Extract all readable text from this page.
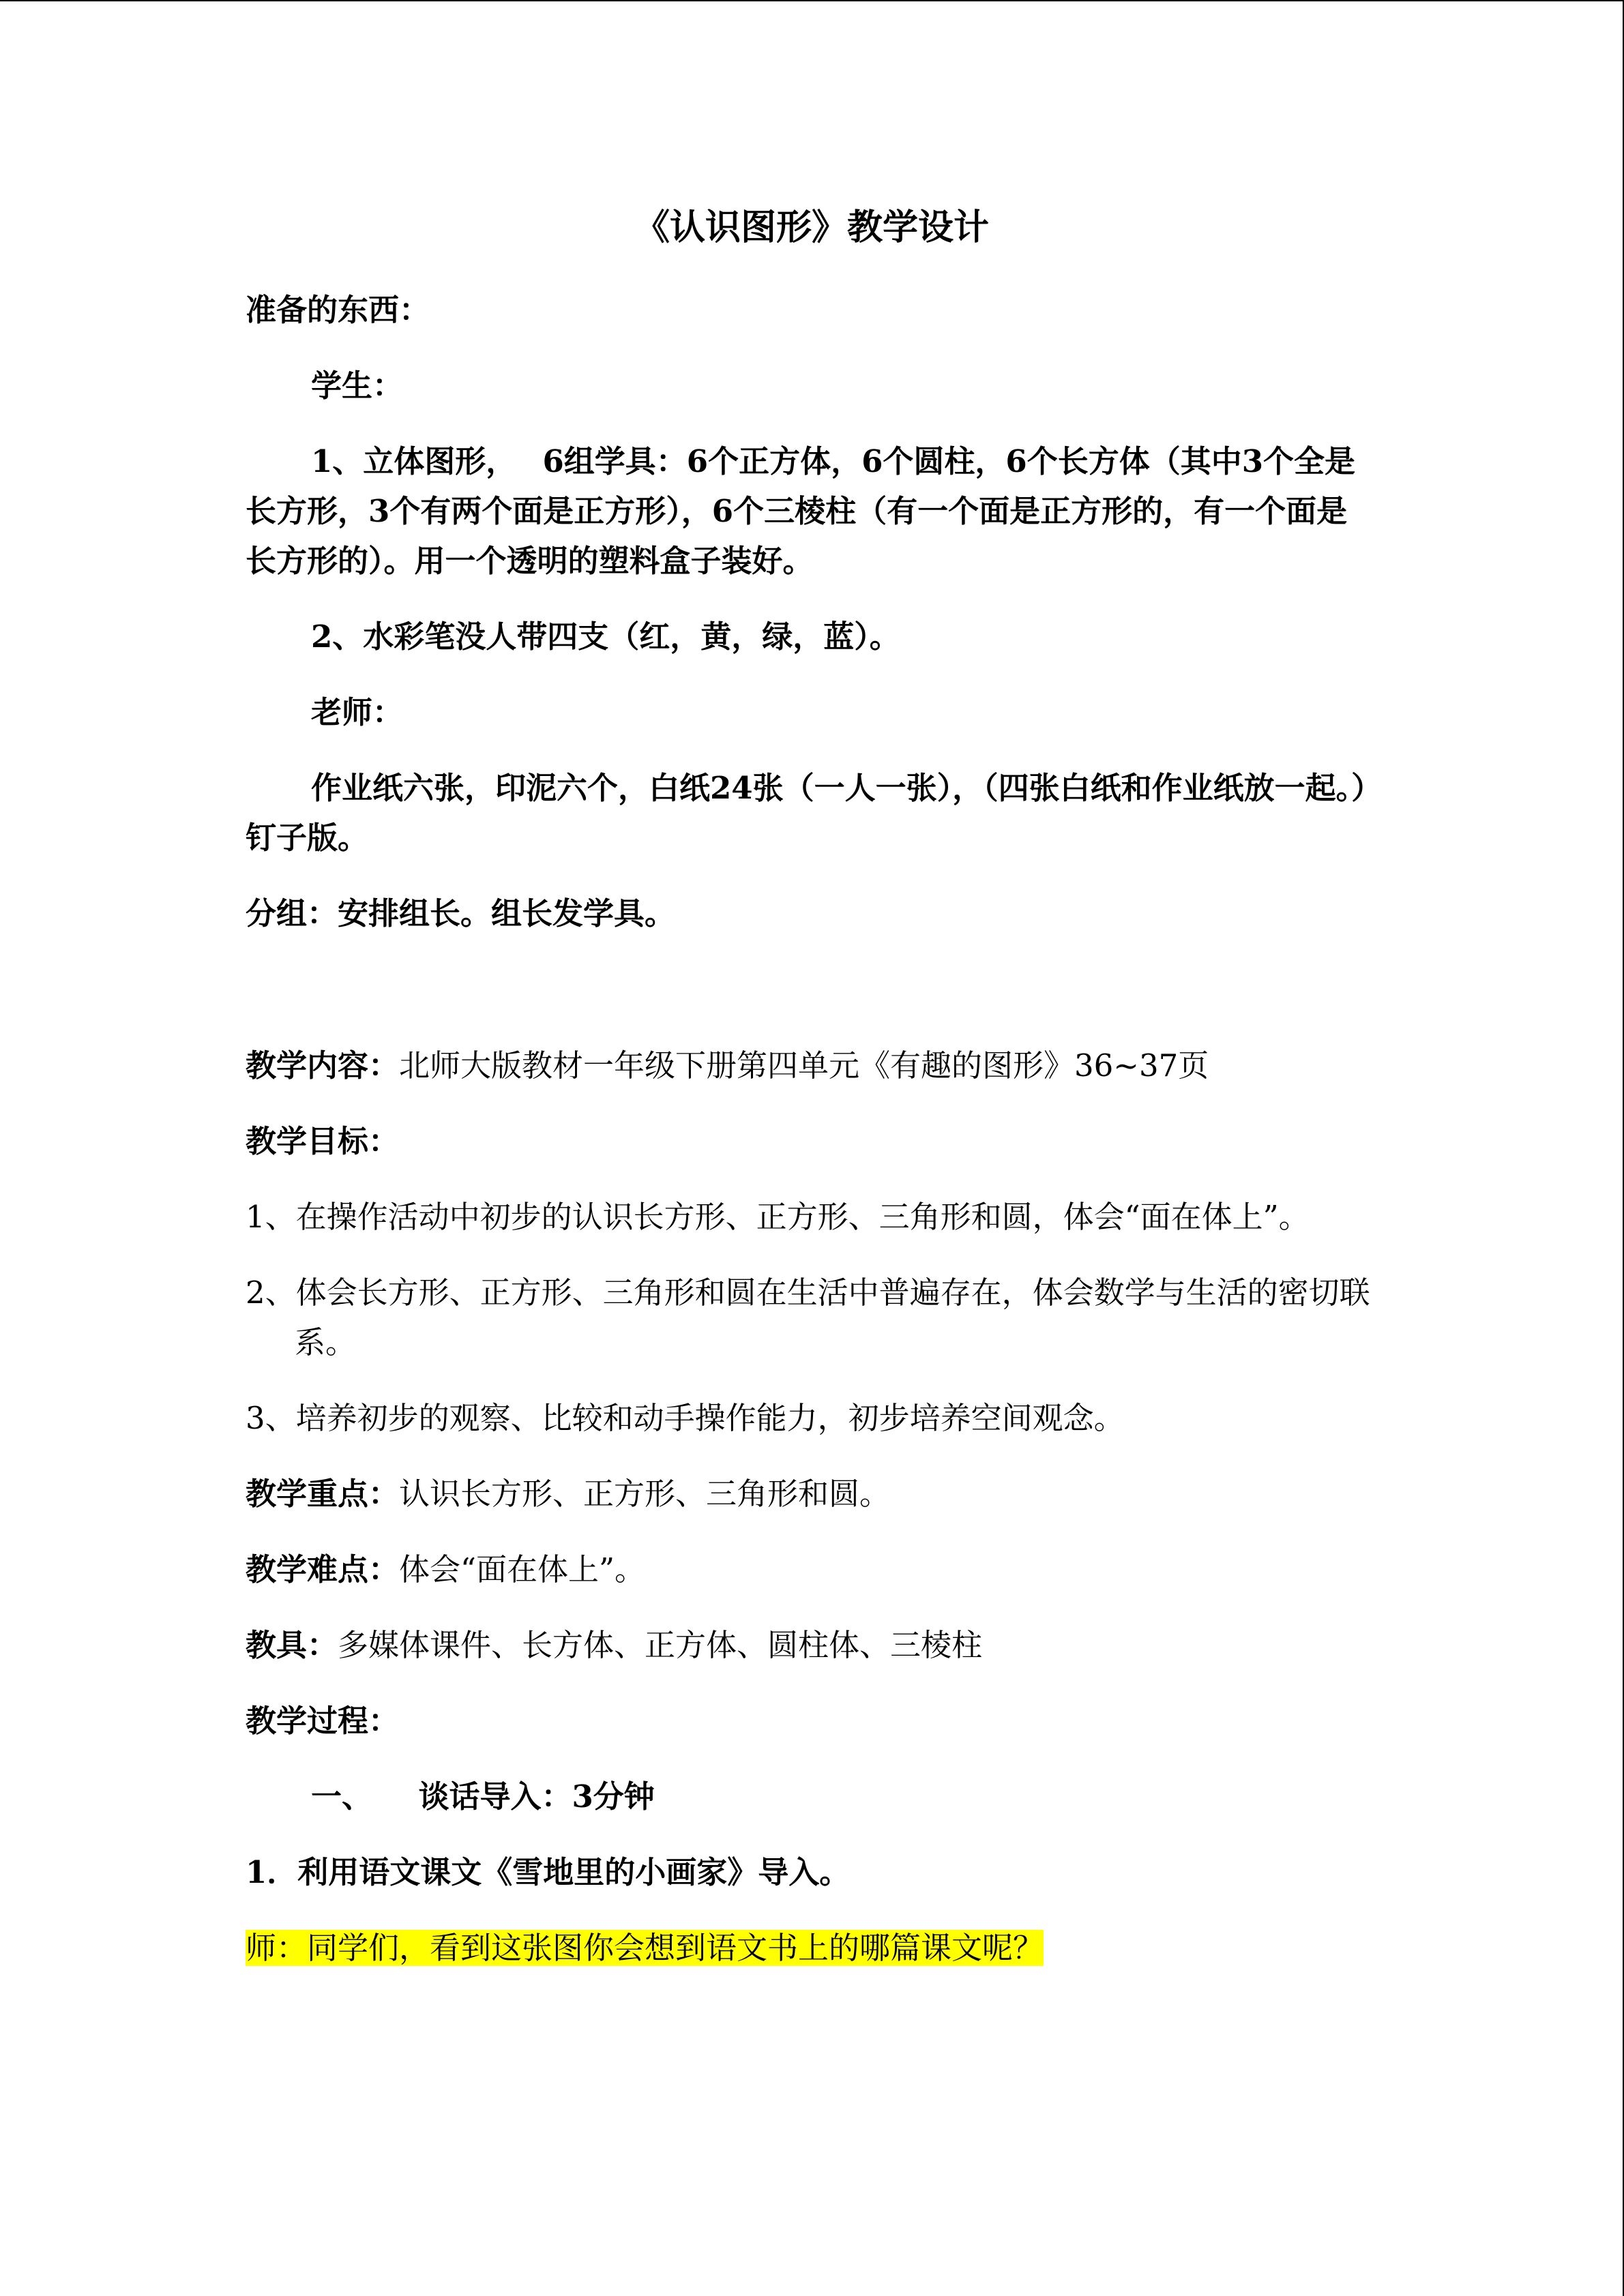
《认识图形》教学设计
准备的东西：
学生：
1、立体图形，　 6组学具：6个正方体，6个圆柱，6个长方体（其中3个全是长方形，3个有两个面是正方形），6个三棱柱（有一个面是正方形的，有一个面是长方形的）。用一个透明的塑料盒子装好。
2、水彩笔没人带四支（红，黄，绿，蓝）。
老师：
作业纸六张，印泥六个，白纸24张（一人一张），（四张白纸和作业纸放一起。）钉子版。
分组：安排组长。组长发学具。
教学内容：北师大版教材一年级下册第四单元《有趣的图形》36~37页
教学目标：
1、在操作活动中初步的认识长方形、正方形、三角形和圆，体会“面在体上”。
2、体会长方形、正方形、三角形和圆在生活中普遍存在，体会数学与生活的密切联系。
3、培养初步的观察、比较和动手操作能力，初步培养空间观念。
教学重点：认识长方形、正方形、三角形和圆。
教学难点：体会“面在体上”。
教具：多媒体课件、长方体、正方体、圆柱体、三棱柱
教学过程：
一、　　谈话导入：3分钟
1．利用语文课文《雪地里的小画家》导入。
师：同学们，看到这张图你会想到语文书上的哪篇课文呢？
